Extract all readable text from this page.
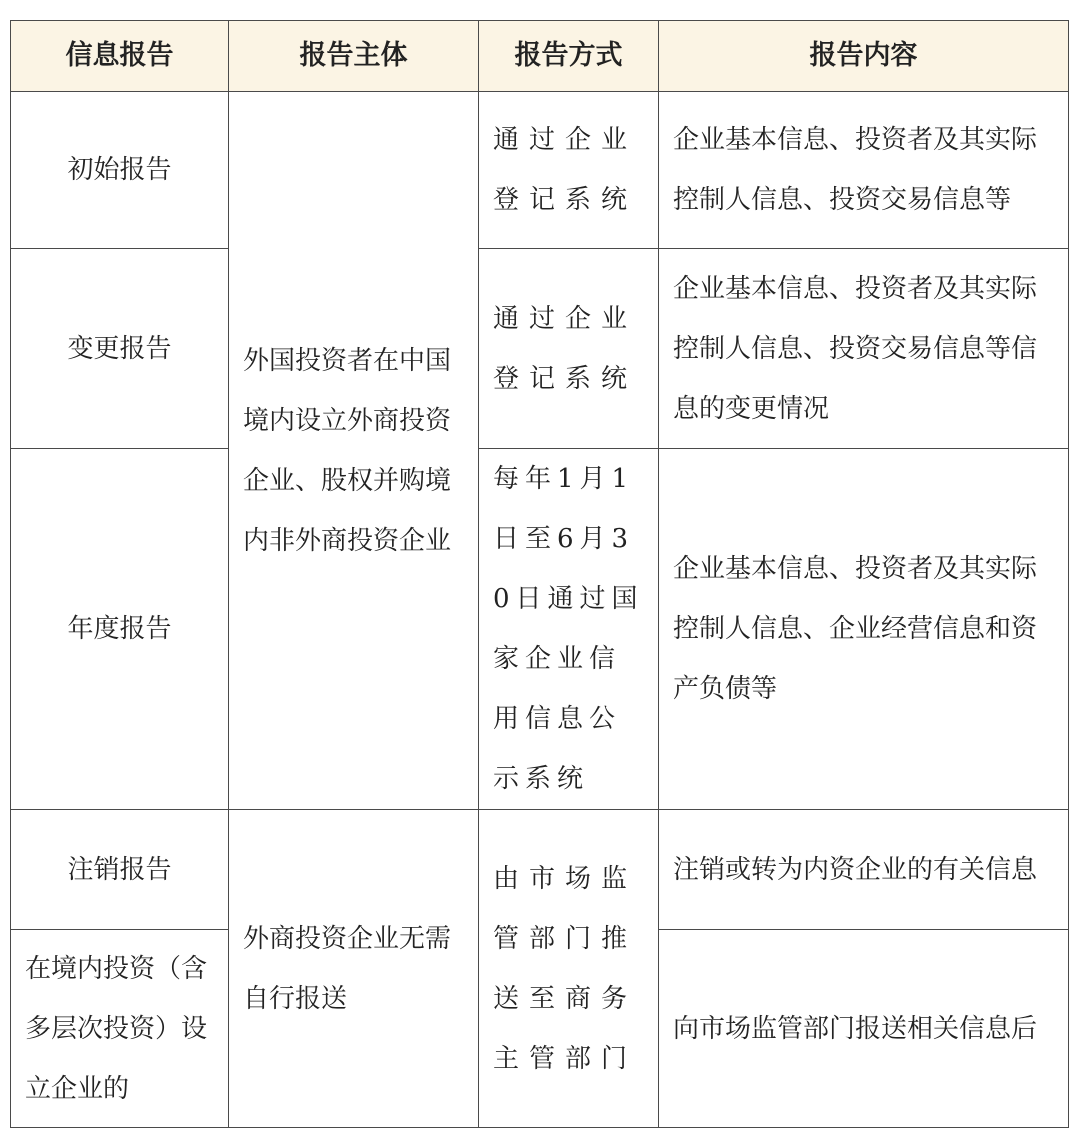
信息报告	报告主体	报告方式	报告内容
初始报告	外国投资者在中国境内设立外商投资企业、股权并购境内非外商投资企业	通过企业登记系统	企业基本信息、投资者及其实际控制人信息、投资交易信息等
变更报告		通过企业登记系统	企业基本信息、投资者及其实际控制人信息、投资交易信息等信息的变更情况
年度报告		每年1月1日至6月30日通过国家企业信用信息公示系统	企业基本信息、投资者及其实际控制人信息、企业经营信息和资产负债等
注销报告	外商投资企业无需自行报送	由市场监管部门推送至商务主管部门	注销或转为内资企业的有关信息
在境内投资（含多层次投资）设立企业的			向市场监管部门报送相关信息后
